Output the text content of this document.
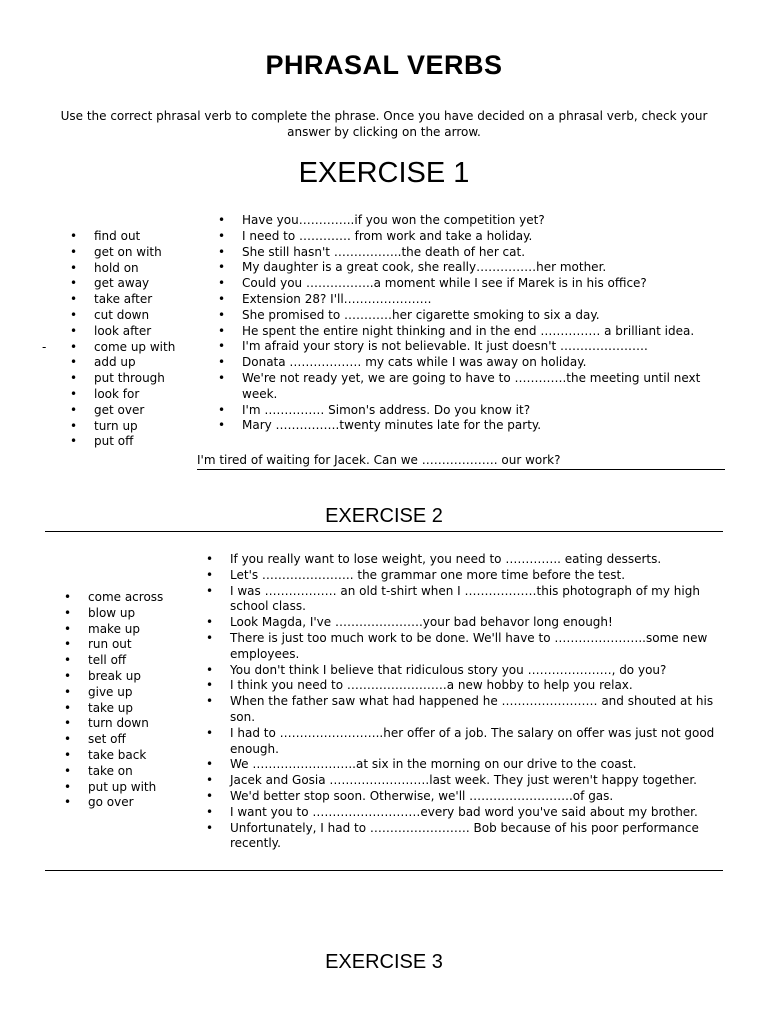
PHRASAL VERBS

Use the correct phrasal verb to complete the phrase. Once you have decided on a phrasal verb, check your answer by clicking on the arrow.

EXERCISE 1
-
• find out
• get on with
• hold on
• get away
• take after
• cut down
• look after
• come up with
• add up
• put through
• look for
• get over
• turn up
• put off
• Have you…………..if you won the competition yet?
• I need to …………. from work and take a holiday.
• She still hasn't ……………..the death of her cat.
• My daughter is a great cook, she really……………her mother.
• Could you ……………..a moment while I see if Marek is in his office?
• Extension 28? I'll………………….
• She promised to …………her cigarette smoking to six a day.
• He spent the entire night thinking and in the end …………… a brilliant idea.
• I'm afraid your story is not believable. It just doesn't ………………….
• Donata ……………… my cats while I was away on holiday.
• We're not ready yet, we are going to have to ………….the meeting until next week.
• I'm …………… Simon's address. Do you know it?
• Mary …………….twenty minutes late for the party.
I'm tired of waiting for Jacek. Can we ………………. our work?
EXERCISE 2
• come across
• blow up
• make up
• run out
• tell off
• break up
• give up
• take up
• turn down
• set off
• take back
• take on
• put up with
• go over
• If you really want to lose weight, you need to ………….. eating desserts.
• Let's ………………….. the grammar one more time before the test.
• I was ……………… an old t-shirt when I ………………this photograph of my high school class.
• Look Magda, I've ………………….your bad behavor long enough!
• There is just too much work to be done. We'll have to …………………..some new employees.
• You don't think I believe that ridiculous story you …………………, do you?
• I think you need to …………………….a new hobby to help you relax.
• When the father saw what had happened he …………………… and shouted at his son.
• I had to ……………………..her offer of a job. The salary on offer was just not good enough.
• We ……………………..at six in the morning on our drive to the coast.
• Jacek and Gosia …………………….last week. They just weren't happy together.
• We'd better stop soon. Otherwise, we'll ……………………..of gas.
• I want you to ………………………every bad word you've said about my brother.
• Unfortunately, I had to ……………………. Bob because of his poor performance recently.
EXERCISE 3
